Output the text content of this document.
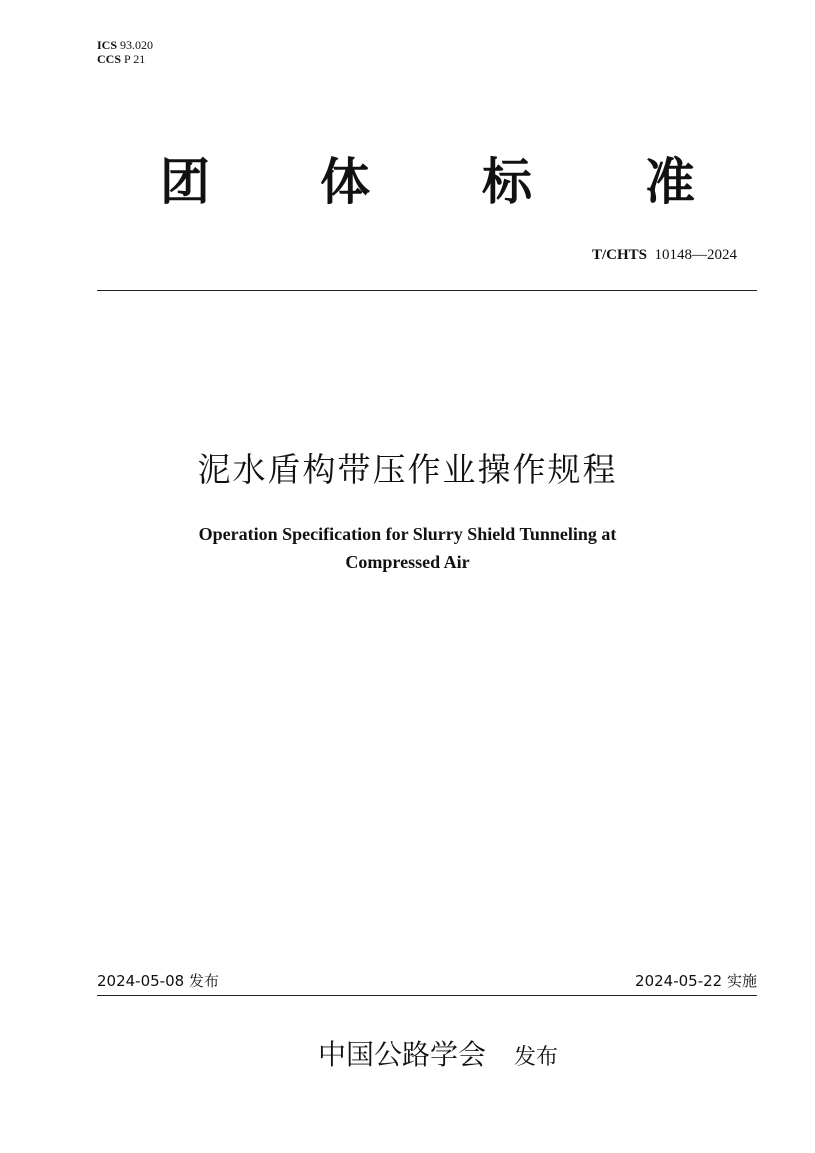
ICS 93.020
CCS P 21
团 体 标 准
T/CHTS 10148—2024
泥水盾构带压作业操作规程
Operation Specification for Slurry Shield Tunneling at
Compressed Air
2024-05-08 发布	2024-05-22 实施
中国公路学会 发布
